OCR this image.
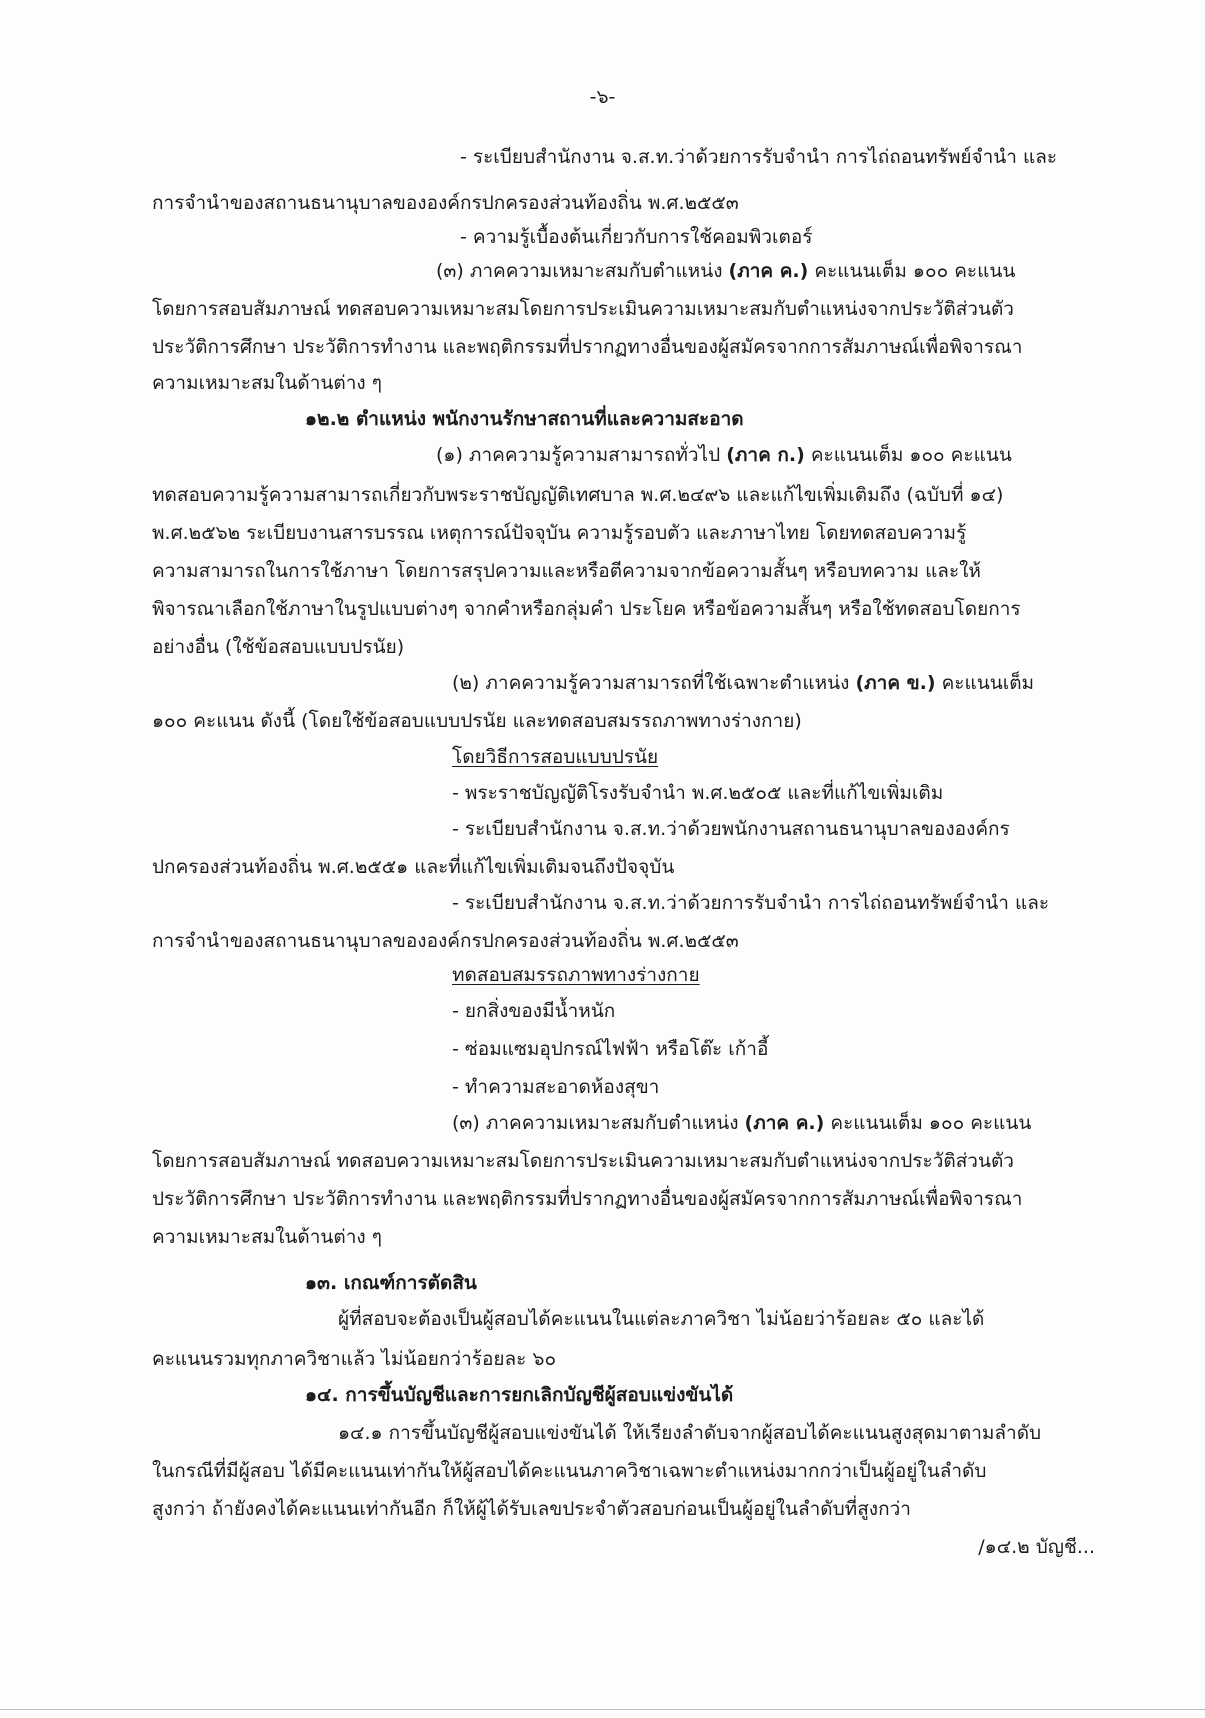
-๖-
- ระเบียบสำนักงาน จ.ส.ท.ว่าด้วยการรับจำนำ การไถ่ถอนทรัพย์จำนำ และ
การจำนำของสถานธนานุบาลขององค์กรปกครองส่วนท้องถิ่น พ.ศ.๒๕๕๓
- ความรู้เบื้องต้นเกี่ยวกับการใช้คอมพิวเตอร์
(๓) ภาคความเหมาะสมกับตำแหน่ง (ภาค ค.) คะแนนเต็ม ๑๐๐ คะแนน
โดยการสอบสัมภาษณ์ ทดสอบความเหมาะสมโดยการประเมินความเหมาะสมกับตำแหน่งจากประวัติส่วนตัว
ประวัติการศึกษา ประวัติการทำงาน และพฤติกรรมที่ปรากฏทางอื่นของผู้สมัครจากการสัมภาษณ์เพื่อพิจารณา
ความเหมาะสมในด้านต่าง ๆ
๑๒.๒ ตำแหน่ง พนักงานรักษาสถานที่และความสะอาด
(๑) ภาคความรู้ความสามารถทั่วไป (ภาค ก.) คะแนนเต็ม ๑๐๐ คะแนน
ทดสอบความรู้ความสามารถเกี่ยวกับพระราชบัญญัติเทศบาล พ.ศ.๒๔๙๖ และแก้ไขเพิ่มเติมถึง (ฉบับที่ ๑๔)
พ.ศ.๒๕๖๒ ระเบียบงานสารบรรณ เหตุการณ์ปัจจุบัน ความรู้รอบตัว และภาษาไทย โดยทดสอบความรู้
ความสามารถในการใช้ภาษา โดยการสรุปความและหรือตีความจากข้อความสั้นๆ หรือบทความ และให้
พิจารณาเลือกใช้ภาษาในรูปแบบต่างๆ จากคำหรือกลุ่มคำ ประโยค หรือข้อความสั้นๆ หรือใช้ทดสอบโดยการ
อย่างอื่น (ใช้ข้อสอบแบบปรนัย)
(๒) ภาคความรู้ความสามารถที่ใช้เฉพาะตำแหน่ง (ภาค ข.) คะแนนเต็ม
๑๐๐ คะแนน ดังนี้ (โดยใช้ข้อสอบแบบปรนัย และทดสอบสมรรถภาพทางร่างกาย)
โดยวิธีการสอบแบบปรนัย
- พระราชบัญญัติโรงรับจำนำ พ.ศ.๒๕๐๕ และที่แก้ไขเพิ่มเติม
- ระเบียบสำนักงาน จ.ส.ท.ว่าด้วยพนักงานสถานธนานุบาลขององค์กร
ปกครองส่วนท้องถิ่น พ.ศ.๒๕๕๑ และที่แก้ไขเพิ่มเติมจนถึงปัจจุบัน
- ระเบียบสำนักงาน จ.ส.ท.ว่าด้วยการรับจำนำ การไถ่ถอนทรัพย์จำนำ และ
การจำนำของสถานธนานุบาลขององค์กรปกครองส่วนท้องถิ่น พ.ศ.๒๕๕๓
ทดสอบสมรรถภาพทางร่างกาย
- ยกสิ่งของมีน้ำหนัก
- ซ่อมแซมอุปกรณ์ไฟฟ้า หรือโต๊ะ เก้าอี้
- ทำความสะอาดห้องสุขา
(๓) ภาคความเหมาะสมกับตำแหน่ง (ภาค ค.) คะแนนเต็ม ๑๐๐ คะแนน
โดยการสอบสัมภาษณ์ ทดสอบความเหมาะสมโดยการประเมินความเหมาะสมกับตำแหน่งจากประวัติส่วนตัว
ประวัติการศึกษา ประวัติการทำงาน และพฤติกรรมที่ปรากฏทางอื่นของผู้สมัครจากการสัมภาษณ์เพื่อพิจารณา
ความเหมาะสมในด้านต่าง ๆ
๑๓. เกณฑ์การตัดสิน
ผู้ที่สอบจะต้องเป็นผู้สอบได้คะแนนในแต่ละภาควิชา ไม่น้อยว่าร้อยละ ๕๐ และได้
คะแนนรวมทุกภาควิชาแล้ว ไม่น้อยกว่าร้อยละ ๖๐
๑๔. การขึ้นบัญชีและการยกเลิกบัญชีผู้สอบแข่งขันได้
๑๔.๑ การขึ้นบัญชีผู้สอบแข่งขันได้ ให้เรียงลำดับจากผู้สอบได้คะแนนสูงสุดมาตามลำดับ
ในกรณีที่มีผู้สอบ ได้มีคะแนนเท่ากันให้ผู้สอบได้คะแนนภาควิชาเฉพาะตำแหน่งมากกว่าเป็นผู้อยู่ในลำดับ
สูงกว่า ถ้ายังคงได้คะแนนเท่ากันอีก ก็ให้ผู้ได้รับเลขประจำตัวสอบก่อนเป็นผู้อยู่ในลำดับที่สูงกว่า
/๑๔.๒ บัญชี...
